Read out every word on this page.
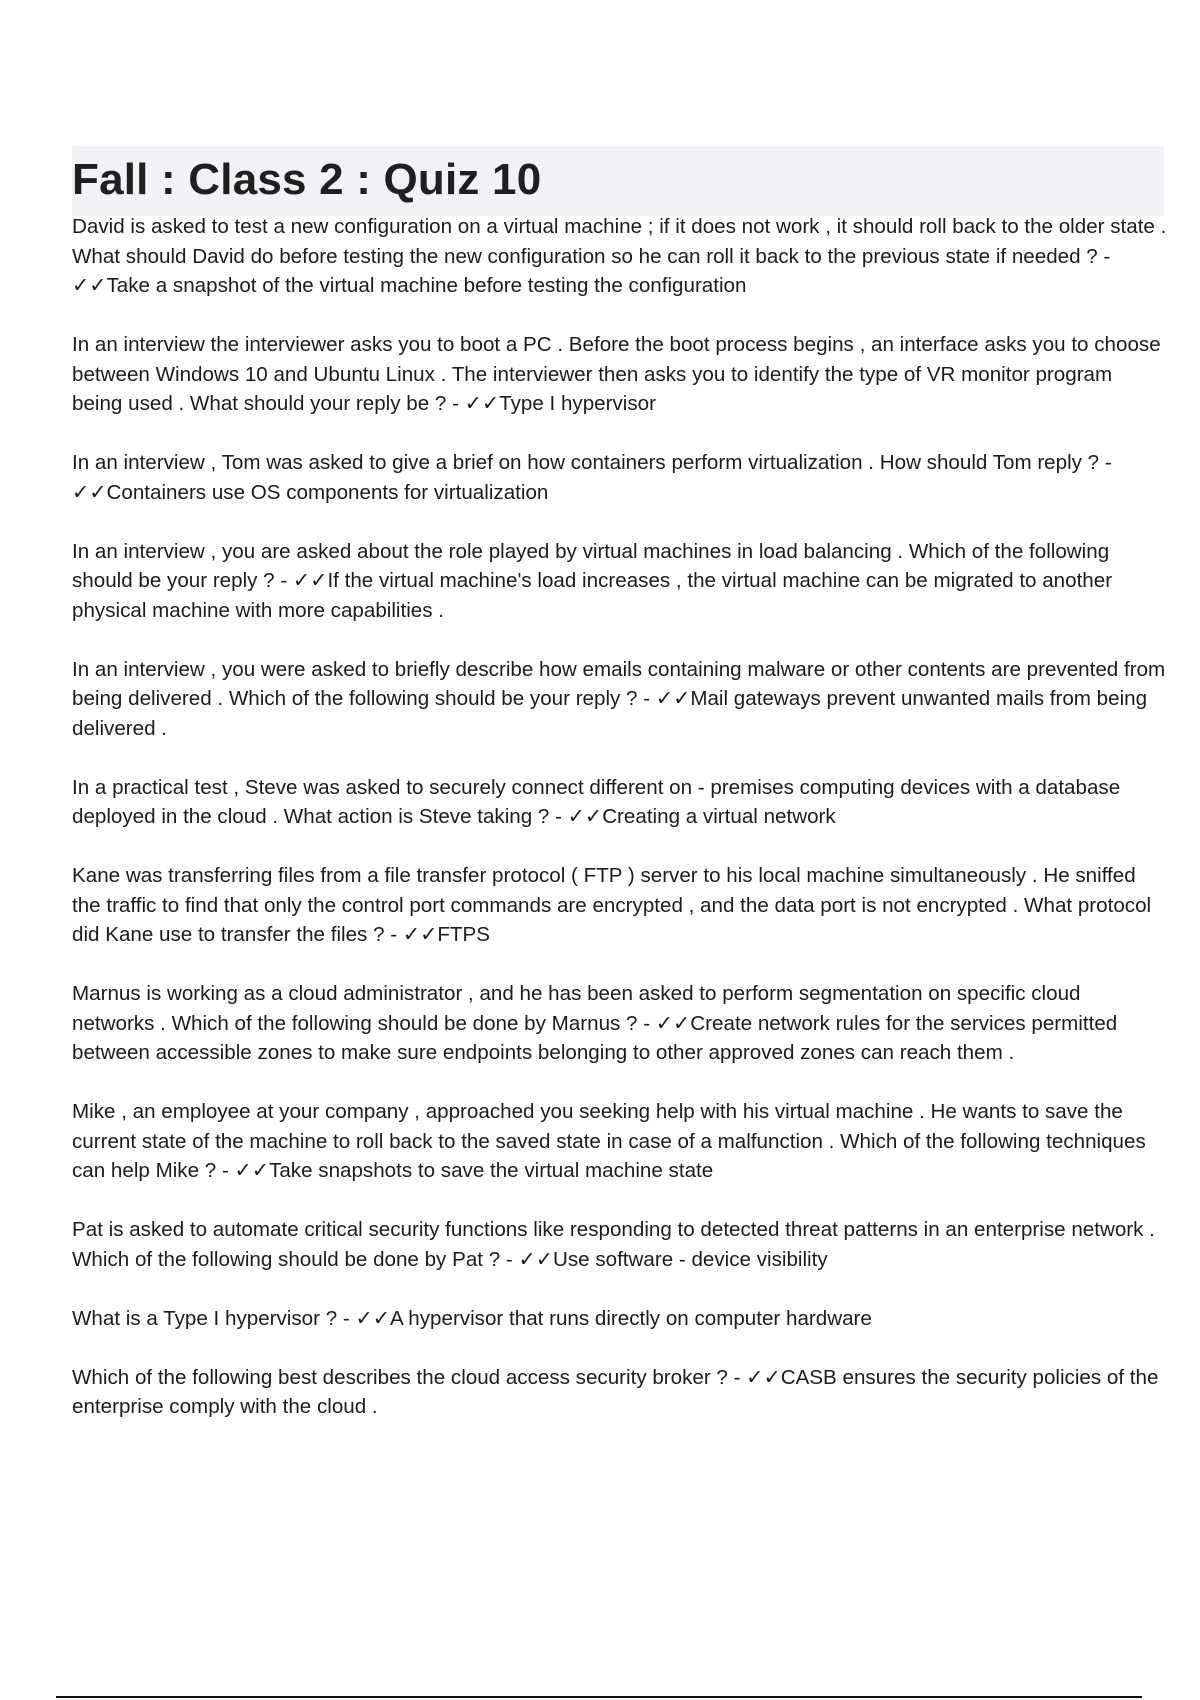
Fall : Class 2 : Quiz 10
David is asked to test a new configuration on a virtual machine ; if it does not work , it should roll back to the older state . What should David do before testing the new configuration so he can roll it back to the previous state if needed ? - ✓✓Take a snapshot of the virtual machine before testing the configuration
In an interview the interviewer asks you to boot a PC . Before the boot process begins , an interface asks you to choose between Windows 10 and Ubuntu Linux . The interviewer then asks you to identify the type of VR monitor program being used . What should your reply be ? - ✓✓Type I hypervisor
In an interview , Tom was asked to give a brief on how containers perform virtualization . How should Tom reply ? - ✓✓Containers use OS components for virtualization
In an interview , you are asked about the role played by virtual machines in load balancing . Which of the following should be your reply ? - ✓✓If the virtual machine's load increases , the virtual machine can be migrated to another physical machine with more capabilities .
In an interview , you were asked to briefly describe how emails containing malware or other contents are prevented from being delivered . Which of the following should be your reply ? - ✓✓Mail gateways prevent unwanted mails from being delivered .
In a practical test , Steve was asked to securely connect different on - premises computing devices with a database deployed in the cloud . What action is Steve taking ? - ✓✓Creating a virtual network
Kane was transferring files from a file transfer protocol ( FTP ) server to his local machine simultaneously . He sniffed the traffic to find that only the control port commands are encrypted , and the data port is not encrypted . What protocol did Kane use to transfer the files ? - ✓✓FTPS
Marnus is working as a cloud administrator , and he has been asked to perform segmentation on specific cloud networks . Which of the following should be done by Marnus ? - ✓✓Create network rules for the services permitted between accessible zones to make sure endpoints belonging to other approved zones can reach them .
Mike , an employee at your company , approached you seeking help with his virtual machine . He wants to save the current state of the machine to roll back to the saved state in case of a malfunction . Which of the following techniques can help Mike ? - ✓✓Take snapshots to save the virtual machine state
Pat is asked to automate critical security functions like responding to detected threat patterns in an enterprise network . Which of the following should be done by Pat ? - ✓✓Use software - device visibility
What is a Type I hypervisor ? - ✓✓A hypervisor that runs directly on computer hardware
Which of the following best describes the cloud access security broker ? - ✓✓CASB ensures the security policies of the enterprise comply with the cloud .
